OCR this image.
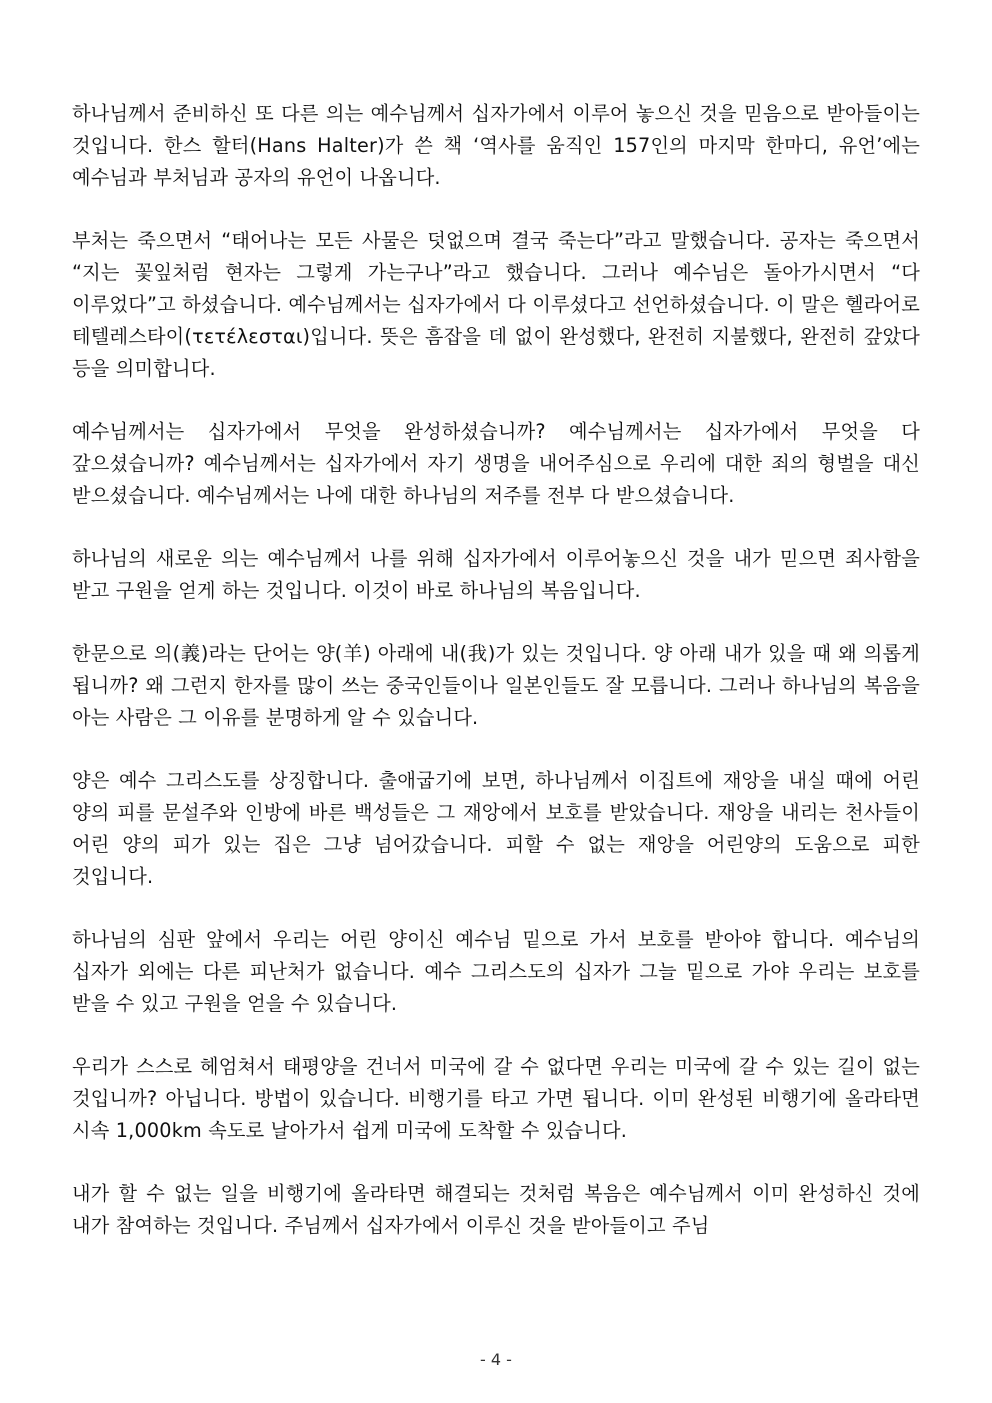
하나님께서 준비하신 또 다른 의는 예수님께서 십자가에서 이루어 놓으신 것을 믿음으로 받아들이는 것입니다. 한스 할터(Hans Halter)가 쓴 책 ‘역사를 움직인 157인의 마지막 한마디, 유언’에는 예수님과 부처님과 공자의 유언이 나옵니다.

부처는 죽으면서 “태어나는 모든 사물은 덧없으며 결국 죽는다”라고 말했습니다. 공자는 죽으면서 “지는 꽃잎처럼 현자는 그렇게 가는구나”라고 했습니다. 그러나 예수님은 돌아가시면서 “다 이루었다”고 하셨습니다. 예수님께서는 십자가에서 다 이루셨다고 선언하셨습니다. 이 말은 헬라어로 테텔레스타이(τετέλεσται)입니다. 뜻은 흠잡을 데 없이 완성했다, 완전히 지불했다, 완전히 갚았다 등을 의미합니다.

예수님께서는 십자가에서 무엇을 완성하셨습니까? 예수님께서는 십자가에서 무엇을 다 갚으셨습니까? 예수님께서는 십자가에서 자기 생명을 내어주심으로 우리에 대한 죄의 형벌을 대신 받으셨습니다. 예수님께서는 나에 대한 하나님의 저주를 전부 다 받으셨습니다.

하나님의 새로운 의는 예수님께서 나를 위해 십자가에서 이루어놓으신 것을 내가 믿으면 죄사함을 받고 구원을 얻게 하는 것입니다. 이것이 바로 하나님의 복음입니다.

한문으로 의(義)라는 단어는 양(羊) 아래에 내(我)가 있는 것입니다. 양 아래 내가 있을 때 왜 의롭게 됩니까? 왜 그런지 한자를 많이 쓰는 중국인들이나 일본인들도 잘 모릅니다. 그러나 하나님의 복음을 아는 사람은 그 이유를 분명하게 알 수 있습니다.

양은 예수 그리스도를 상징합니다. 출애굽기에 보면, 하나님께서 이집트에 재앙을 내실 때에 어린 양의 피를 문설주와 인방에 바른 백성들은 그 재앙에서 보호를 받았습니다. 재앙을 내리는 천사들이 어린 양의 피가 있는 집은 그냥 넘어갔습니다. 피할 수 없는 재앙을 어린양의 도움으로 피한 것입니다.

하나님의 심판 앞에서 우리는 어린 양이신 예수님 밑으로 가서 보호를 받아야 합니다. 예수님의 십자가 외에는 다른 피난처가 없습니다. 예수 그리스도의 십자가 그늘 밑으로 가야 우리는 보호를 받을 수 있고 구원을 얻을 수 있습니다.

우리가 스스로 헤엄쳐서 태평양을 건너서 미국에 갈 수 없다면 우리는 미국에 갈 수 있는 길이 없는 것입니까? 아닙니다. 방법이 있습니다. 비행기를 타고 가면 됩니다. 이미 완성된 비행기에 올라타면 시속 1,000km 속도로 날아가서 쉽게 미국에 도착할 수 있습니다.

내가 할 수 없는 일을 비행기에 올라타면 해결되는 것처럼 복음은 예수님께서 이미 완성하신 것에 내가 참여하는 것입니다. 주님께서 십자가에서 이루신 것을 받아들이고 주님

- 4 -
